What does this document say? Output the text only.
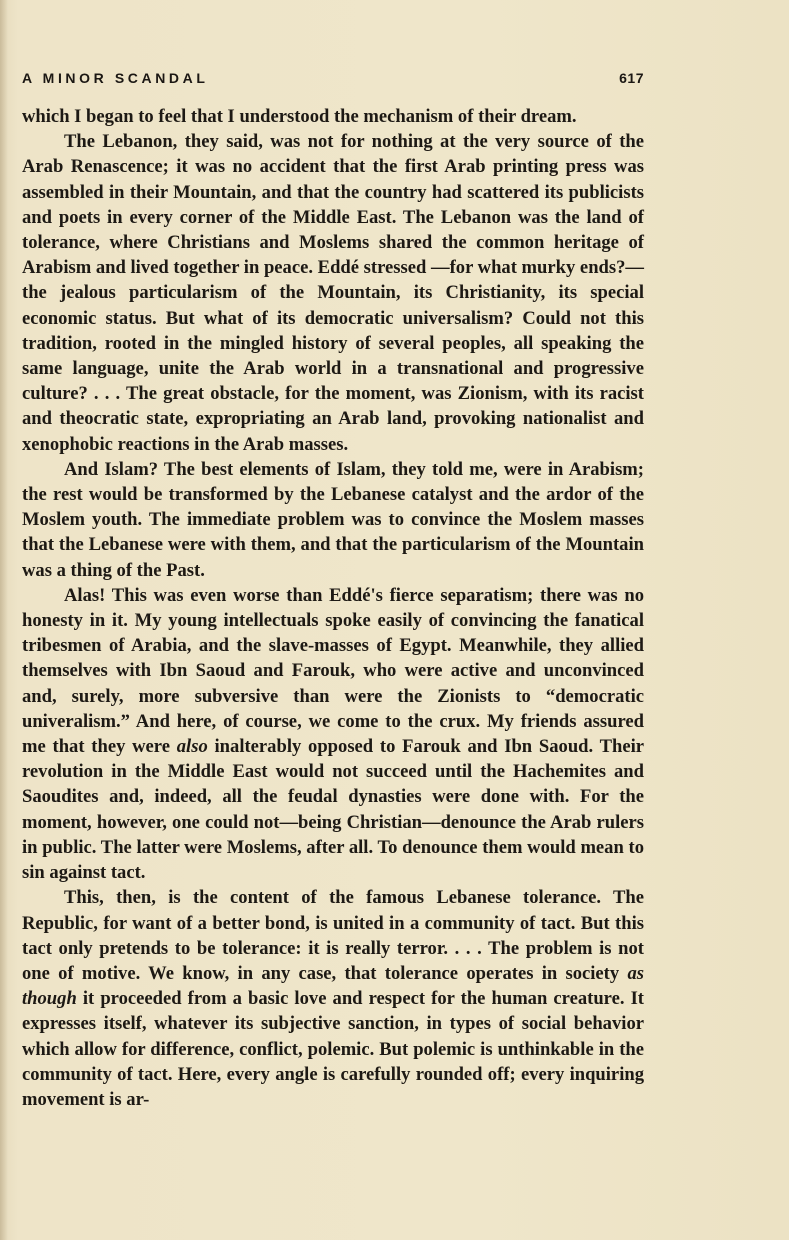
A MINOR SCANDAL	617

which I began to feel that I understood the mechanism of their dream.

The Lebanon, they said, was not for nothing at the very source of the Arab Renascence; it was no accident that the first Arab printing press was assembled in their Mountain, and that the country had scattered its publicists and poets in every corner of the Middle East. The Lebanon was the land of tolerance, where Christians and Moslems shared the common heritage of Arabism and lived together in peace. Eddé stressed —for what murky ends?—the jealous particularism of the Mountain, its Christianity, its special economic status. But what of its democratic universalism? Could not this tradition, rooted in the mingled history of several peoples, all speaking the same language, unite the Arab world in a transnational and progressive culture? . . . The great obstacle, for the moment, was Zionism, with its racist and theocratic state, expropriating an Arab land, provoking nationalist and xenophobic reactions in the Arab masses.

And Islam? The best elements of Islam, they told me, were in Arabism; the rest would be transformed by the Lebanese catalyst and the ardor of the Moslem youth. The immediate problem was to convince the Moslem masses that the Lebanese were with them, and that the particularism of the Mountain was a thing of the Past.

Alas! This was even worse than Eddé's fierce separatism; there was no honesty in it. My young intellectuals spoke easily of convincing the fanatical tribesmen of Arabia, and the slave-masses of Egypt. Meanwhile, they allied themselves with Ibn Saoud and Farouk, who were active and unconvinced and, surely, more subversive than were the Zionists to “democratic univeralism.” And here, of course, we come to the crux. My friends assured me that they were also inalterably opposed to Farouk and Ibn Saoud. Their revolution in the Middle East would not succeed until the Hachemites and Saoudites and, indeed, all the feudal dynasties were done with. For the moment, however, one could not—being Christian—denounce the Arab rulers in public. The latter were Moslems, after all. To denounce them would mean to sin against tact.

This, then, is the content of the famous Lebanese tolerance. The Republic, for want of a better bond, is united in a community of tact. But this tact only pretends to be tolerance: it is really terror. . . . The problem is not one of motive. We know, in any case, that tolerance operates in society as though it proceeded from a basic love and respect for the human creature. It expresses itself, whatever its subjective sanction, in types of social behavior which allow for difference, conflict, polemic. But polemic is unthinkable in the community of tact. Here, every angle is carefully rounded off; every inquiring movement is ar-
